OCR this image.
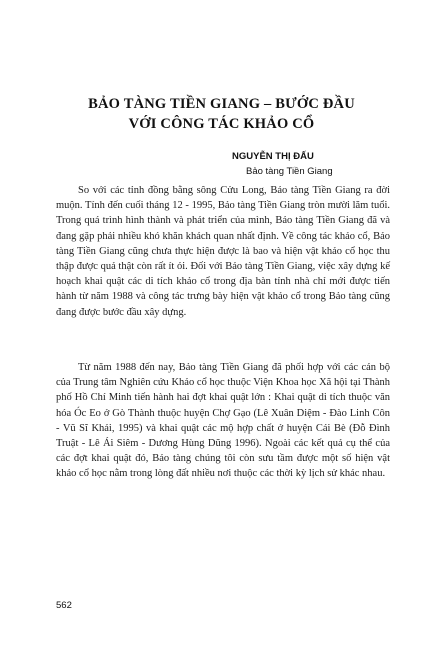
BẢO TÀNG TIỀN GIANG – BƯỚC ĐẦU
VỚI CÔNG TÁC KHẢO CỔ
NGUYỄN THỊ ĐẤU
Bảo tàng Tiền Giang

So với các tỉnh đồng bằng sông Cửu Long, Bảo tàng Tiền Giang ra đời muộn. Tính đến cuối tháng 12 - 1995, Bảo tàng Tiền Giang tròn mười lăm tuổi. Trong quá trình hình thành và phát triển của mình, Bảo tàng Tiền Giang đã và đang gặp phải nhiều khó khăn khách quan nhất định. Về công tác khảo cổ, Bảo tàng Tiền Giang cũng chưa thực hiện được là bao và hiện vật khảo cổ học thu thập được quả thật còn rất ít ỏi. Đối với Bảo tàng Tiền Giang, việc xây dựng kế hoạch khai quật các di tích khảo cổ trong địa bàn tỉnh nhà chỉ mới được tiến hành từ năm 1988 và công tác trưng bày hiện vật khảo cổ trong Bảo tàng cũng đang được bước đầu xây dựng.

Từ năm 1988 đến nay, Bảo tàng Tiền Giang đã phối hợp với các cán bộ của Trung tâm Nghiên cứu Khảo cổ học thuộc Viện Khoa học Xã hội tại Thành phố Hồ Chí Minh tiến hành hai đợt khai quật lớn : Khai quật di tích thuộc văn hóa Óc Eo ở Gò Thành thuộc huyện Chợ Gạo (Lê Xuân Diệm - Đào Linh Côn - Vũ Sĩ Khải, 1995) và khai quật các mộ hợp chất ở huyện Cái Bè (Đỗ Đình Truật - Lê Ái Siêm - Dương Hùng Dũng 1996). Ngoài các kết quả cụ thể của các đợt khai quật đó, Bảo tàng chúng tôi còn sưu tầm được một số hiện vật khảo cổ học nằm trong lòng đất nhiều nơi thuộc các thời kỳ lịch sử khác nhau.

562
